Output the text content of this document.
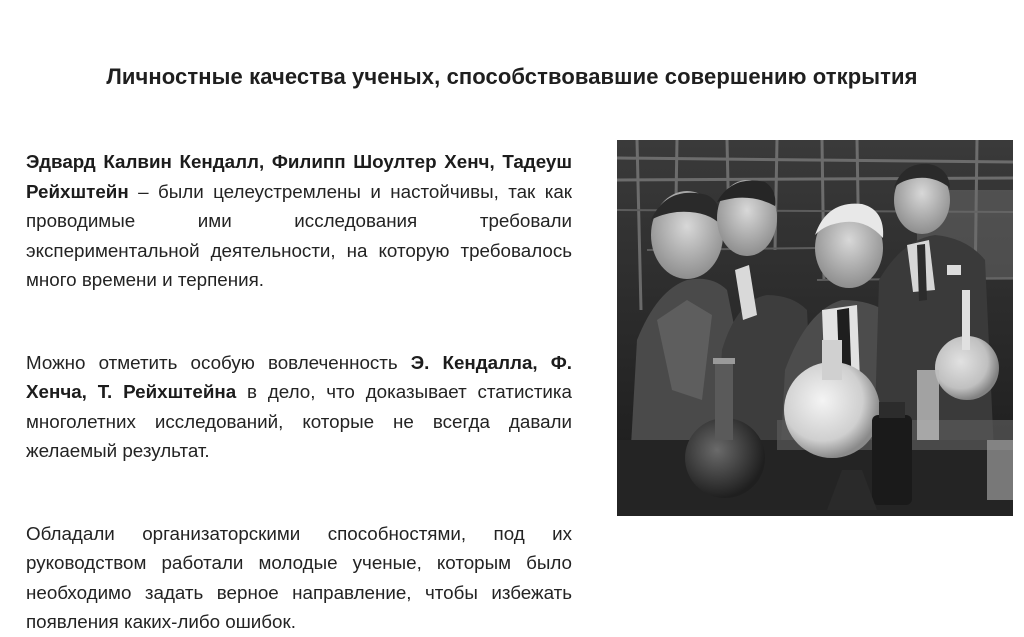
Личностные качества ученых, способствовавшие совершению открытия

Эдвард Калвин Кендалл, Филипп Шоултер Хенч, Тадеуш Рейхштейн – были целеустремлены и настойчивы, так как проводимые ими исследования требовали экспериментальной деятельности, на которую требовалось много времени и терпения.

Можно отметить особую вовлеченность Э. Кендалла, Ф. Хенча, Т. Рейхштейна в дело, что доказывает статистика многолетних исследований, которые не всегда давали желаемый результат.

Обладали организаторскими способностями, под их руководством работали молодые ученые, которым было необходимо задать верное направление, чтобы избежать появления каких-либо ошибок.
